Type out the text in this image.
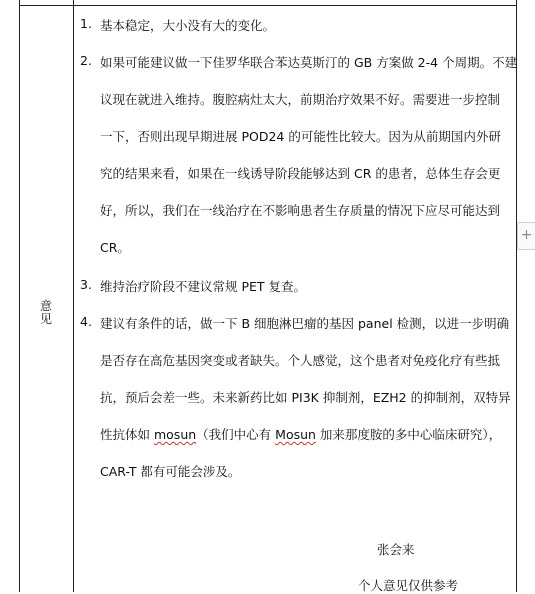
意
见
1. 基本稳定，大小没有大的变化。
2. 如果可能建议做一下佳罗华联合苯达莫斯汀的 GB 方案做 2-4 个周期。不建
议现在就进入维持。腹腔病灶太大，前期治疗效果不好。需要进一步控制
一下，否则出现早期进展 POD24 的可能性比较大。因为从前期国内外研
究的结果来看，如果在一线诱导阶段能够达到 CR 的患者，总体生存会更
好，所以，我们在一线治疗在不影响患者生存质量的情况下应尽可能达到
CR。
3. 维持治疗阶段不建议常规 PET 复查。
4. 建议有条件的话，做一下 B 细胞淋巴瘤的基因 panel 检测，以进一步明确
是否存在高危基因突变或者缺失。个人感觉，这个患者对免疫化疗有些抵
抗，预后会差一些。未来新药比如 PI3K 抑制剂，EZH2 的抑制剂，双特异
性抗体如 mosun（我们中心有 Mosun 加来那度胺的多中心临床研究），
CAR-T 都有可能会涉及。
张会来
个人意见仅供参考
+
